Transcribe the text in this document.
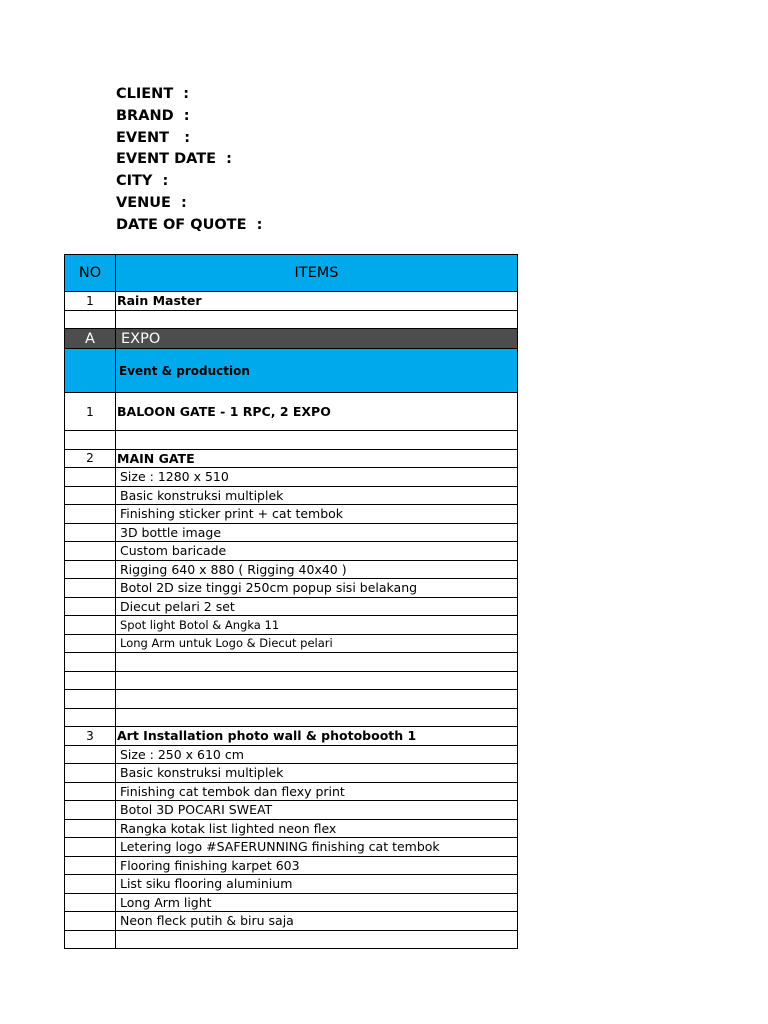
CLIENT  :
BRAND  :
EVENT   :
EVENT DATE  :
CITY  :
VENUE  :
DATE OF QUOTE  :
NO	ITEMS
1	Rain Master

A	EXPO
	Event & production
1	BALOON GATE - 1 RPC, 2 EXPO

2	MAIN GATE
	Size : 1280 x 510
	Basic konstruksi multiplek
	Finishing sticker print + cat tembok
	3D bottle image
	Custom baricade
	Rigging 640 x 880 ( Rigging 40x40 )
	Botol 2D size tinggi 250cm popup sisi belakang
	Diecut pelari 2 set
	Spot light Botol & Angka 11
	Long Arm untuk Logo & Diecut pelari

3	Art Installation photo wall & photobooth 1
	Size : 250 x 610 cm
	Basic konstruksi multiplek
	Finishing cat tembok dan flexy print
	Botol 3D POCARI SWEAT
	Rangka kotak list lighted neon flex
	Letering logo #SAFERUNNING finishing cat tembok
	Flooring finishing karpet 603
	List siku flooring aluminium
	Long Arm light
	Neon fleck putih & biru saja
